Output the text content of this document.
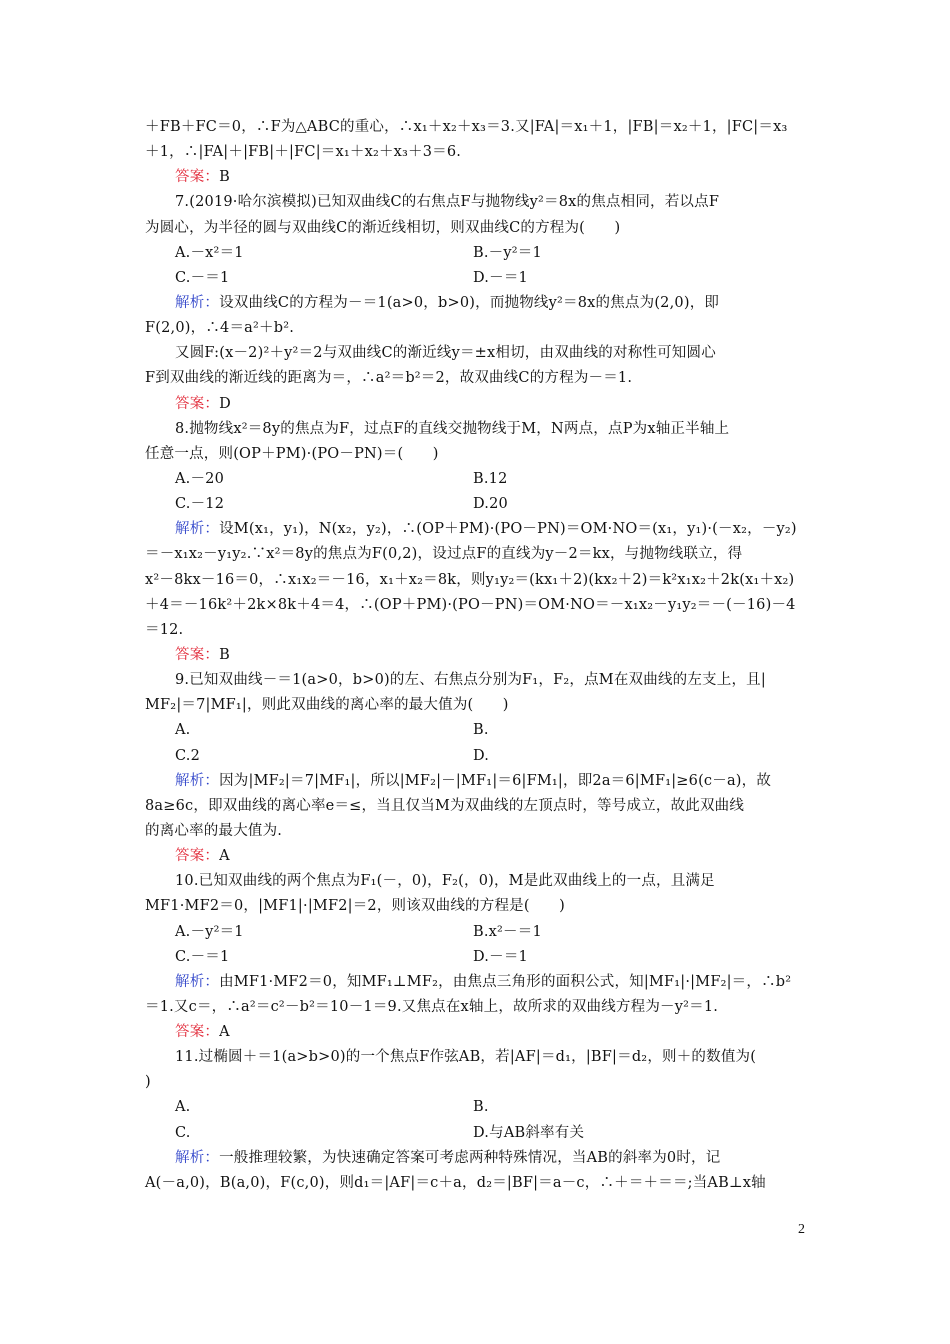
＋FB＋FC＝0，∴F为△ABC的重心，∴x₁＋x₂＋x₃＝3.又|FA|＝x₁＋1，|FB|＝x₂＋1，|FC|＝x₃
＋1，∴|FA|＋|FB|＋|FC|＝x₁＋x₂＋x₃＋3＝6.
答案：B
7.(2019·哈尔滨模拟)已知双曲线C的右焦点F与抛物线y²＝8x的焦点相同，若以点F
为圆心，为半径的圆与双曲线C的渐近线相切，则双曲线C的方程为(　　)
A.－x²＝1	B.－y²＝1
C.－＝1	D.－＝1
解析：设双曲线C的方程为－＝1(a>0，b>0)，而抛物线y²＝8x的焦点为(2,0)，即
F(2,0)，∴4＝a²＋b².
又圆F:(x－2)²＋y²＝2与双曲线C的渐近线y＝±x相切，由双曲线的对称性可知圆心
F到双曲线的渐近线的距离为＝，∴a²＝b²＝2，故双曲线C的方程为－＝1.
答案：D
8.抛物线x²＝8y的焦点为F，过点F的直线交抛物线于M，N两点，点P为x轴正半轴上
任意一点，则(OP＋PM)·(PO－PN)＝(　　)
A.－20	B.12
C.－12	D.20
解析：设M(x₁，y₁)，N(x₂，y₂)，∴(OP＋PM)·(PO－PN)＝OM·NO＝(x₁，y₁)·(－x₂，－y₂)
＝－x₁x₂－y₁y₂.∵x²＝8y的焦点为F(0,2)，设过点F的直线为y－2＝kx，与抛物线联立，得
x²－8kx－16＝0，∴x₁x₂＝－16，x₁＋x₂＝8k，则y₁y₂＝(kx₁＋2)(kx₂＋2)＝k²x₁x₂＋2k(x₁＋x₂)
＋4＝－16k²＋2k×8k＋4＝4，∴(OP＋PM)·(PO－PN)＝OM·NO＝－x₁x₂－y₁y₂＝－(－16)－4
＝12.
答案：B
9.已知双曲线－＝1(a>0，b>0)的左、右焦点分别为F₁，F₂，点M在双曲线的左支上，且|
MF₂|＝7|MF₁|，则此双曲线的离心率的最大值为(　　)
A.	B.
C.2	D.
解析：因为|MF₂|＝7|MF₁|，所以|MF₂|－|MF₁|＝6|FM₁|，即2a＝6|MF₁|≥6(c－a)，故
8a≥6c，即双曲线的离心率e＝≤，当且仅当M为双曲线的左顶点时，等号成立，故此双曲线
的离心率的最大值为.
答案：A
10.已知双曲线的两个焦点为F₁(－，0)，F₂(，0)，M是此双曲线上的一点，且满足
MF1·MF2＝0，|MF1|·|MF2|＝2，则该双曲线的方程是(　　)
A.－y²＝1	B.x²－＝1
C.－＝1	D.－＝1
解析：由MF1·MF2＝0，知MF₁⊥MF₂，由焦点三角形的面积公式，知|MF₁|·|MF₂|＝，∴b²
＝1.又c＝，∴a²＝c²－b²＝10－1＝9.又焦点在x轴上，故所求的双曲线方程为－y²＝1.
答案：A
11.过椭圆＋＝1(a>b>0)的一个焦点F作弦AB，若|AF|＝d₁，|BF|＝d₂，则＋的数值为(
)
A.	B.
C.	D.与AB斜率有关
解析：一般推理较繁，为快速确定答案可考虑两种特殊情况，当AB的斜率为0时，记
A(－a,0)，B(a,0)，F(c,0)，则d₁＝|AF|＝c＋a，d₂＝|BF|＝a－c，∴＋＝＋＝＝;当AB⊥x轴
2
